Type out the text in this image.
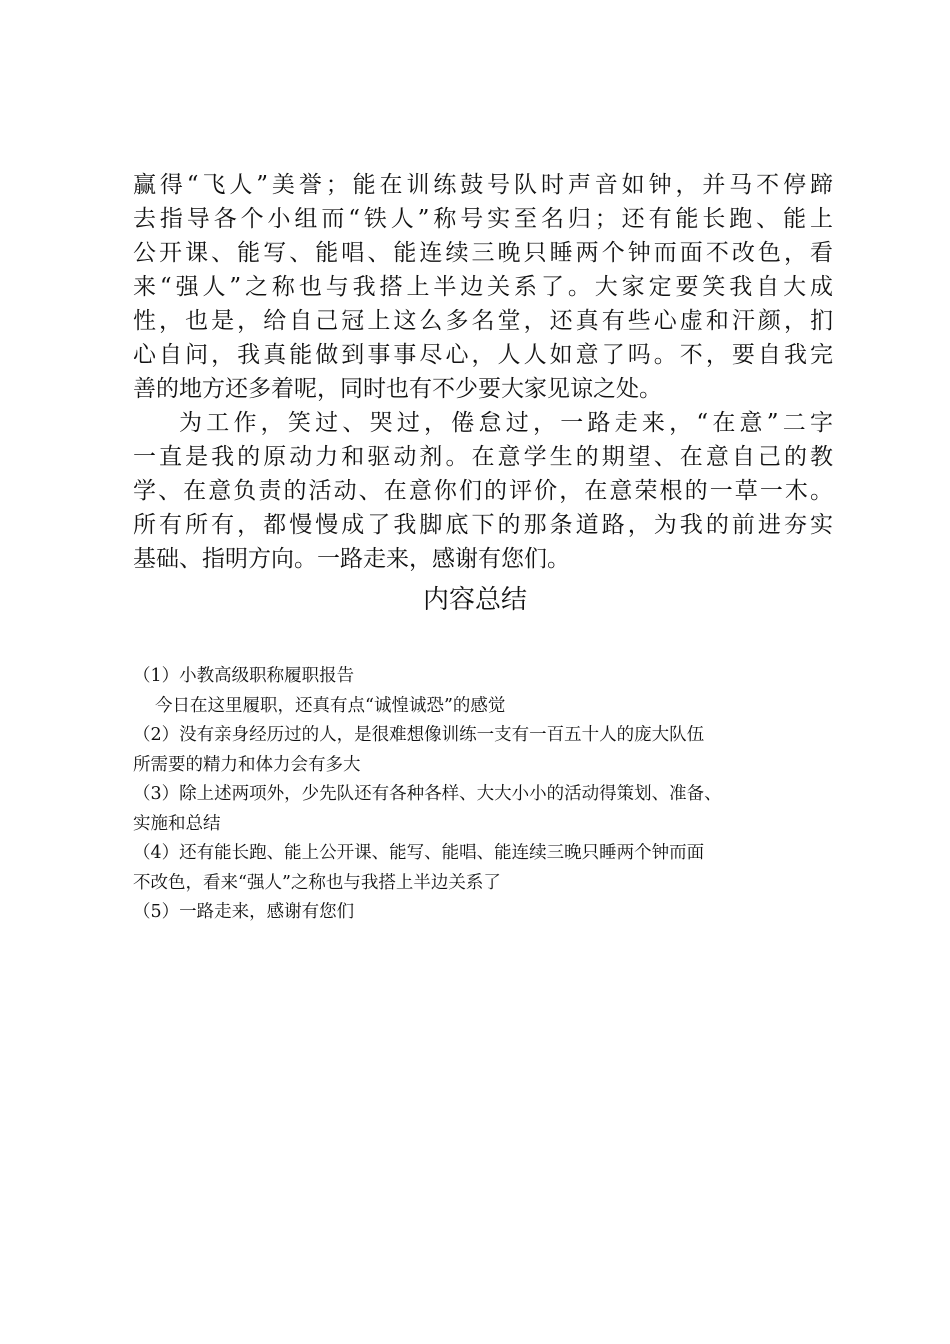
赢得“飞人”美誉；能在训练鼓号队时声音如钟，并马不停蹄
去指导各个小组而“铁人”称号实至名归；还有能长跑、能上
公开课、能写、能唱、能连续三晚只睡两个钟而面不改色，看
来“强人”之称也与我搭上半边关系了。大家定要笑我自大成
性，也是，给自己冠上这么多名堂，还真有些心虚和汗颜，扪
心自问，我真能做到事事尽心，人人如意了吗。不，要自我完
善的地方还多着呢，同时也有不少要大家见谅之处。
为工作，笑过、哭过，倦怠过，一路走来，“在意”二字
一直是我的原动力和驱动剂。在意学生的期望、在意自己的教
学、在意负责的活动、在意你们的评价，在意荣根的一草一木。
所有所有，都慢慢成了我脚底下的那条道路，为我的前进夯实
基础、指明方向。一路走来，感谢有您们。
内容总结
（1）小教高级职称履职报告
今日在这里履职，还真有点“诚惶诚恐”的感觉
（2）没有亲身经历过的人，是很难想像训练一支有一百五十人的庞大队伍
所需要的精力和体力会有多大
（3）除上述两项外，少先队还有各种各样、大大小小的活动得策划、准备、
实施和总结
（4）还有能长跑、能上公开课、能写、能唱、能连续三晚只睡两个钟而面
不改色，看来“强人”之称也与我搭上半边关系了
（5）一路走来，感谢有您们
